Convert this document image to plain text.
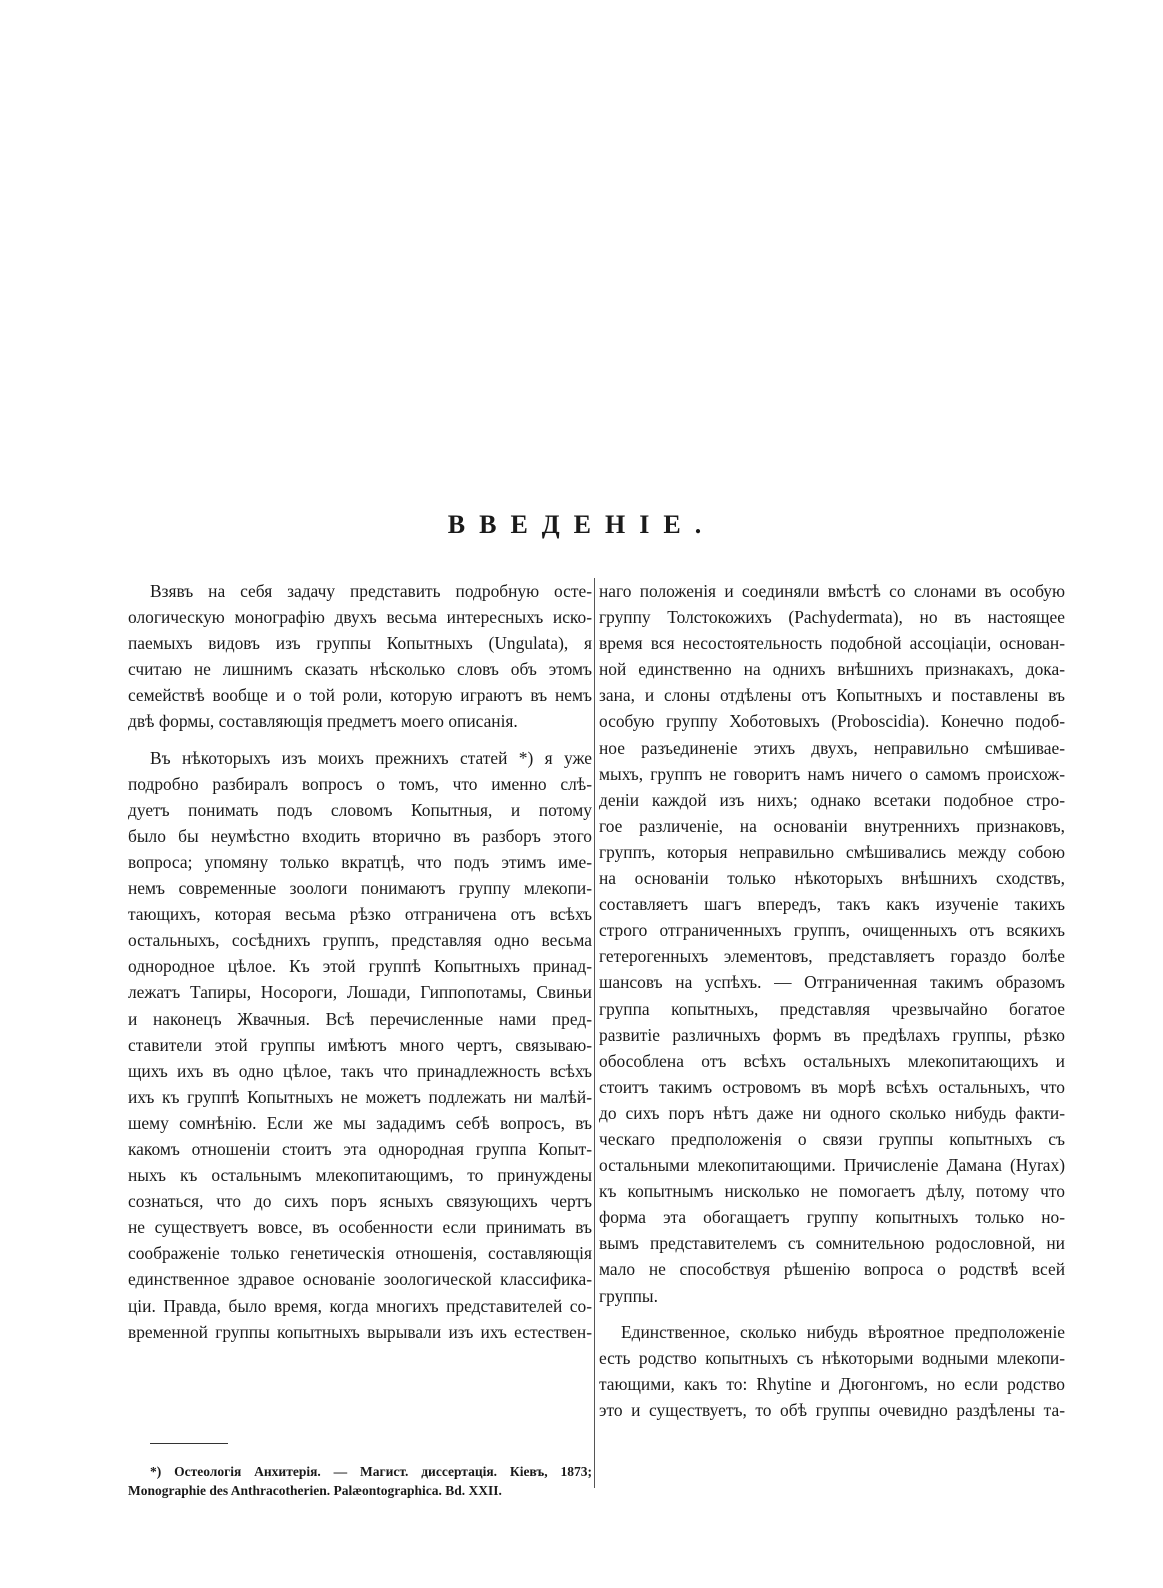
ВВЕДЕНІЕ.

Взявъ на себя задачу представить подробную осте-
ологическую монографію двухъ весьма интересныхъ иско-
паемыхъ видовъ изъ группы Копытныхъ (Ungulata), я
считаю не лишнимъ сказать нѣсколько словъ объ этомъ
семействѣ вообще и о той роли, которую играютъ въ немъ
двѣ формы, составляющія предметъ моего описанія.

Въ нѣкоторыхъ изъ моихъ прежнихъ статей *) я уже
подробно разбиралъ вопросъ о томъ, что именно слѣ-
дуетъ понимать подъ словомъ Копытныя, и потому
было бы неумѣстно входить вторично въ разборъ этого
вопроса; упомяну только вкратцѣ, что подъ этимъ име-
немъ современные зоологи понимаютъ группу млекопи-
тающихъ, которая весьма рѣзко отграничена отъ всѣхъ
остальныхъ, сосѣднихъ группъ, представляя одно весьма
однородное цѣлое. Къ этой группѣ Копытныхъ принад-
лежатъ Тапиры, Носороги, Лошади, Гиппопотамы, Свиньи
и наконецъ Жвачныя. Всѣ перечисленные нами пред-
ставители этой группы имѣютъ много чертъ, связываю-
щихъ ихъ въ одно цѣлое, такъ что принадлежность всѣхъ
ихъ къ группѣ Копытныхъ не можетъ подлежать ни малѣй-
шему сомнѣнію. Если же мы зададимъ себѣ вопросъ, въ
какомъ отношеніи стоитъ эта однородная группа Копыт-
ныхъ къ остальнымъ млекопитающимъ, то принуждены
сознаться, что до сихъ поръ ясныхъ связующихъ чертъ
не существуетъ вовсе, въ особенности если принимать въ
соображеніе только генетическія отношенія, составляющія
единственное здравое основаніе зоологической классифика-
ціи. Правда, было время, когда многихъ представителей со-
временной группы копытныхъ вырывали изъ ихъ естествен-

наго положенія и соединяли вмѣстѣ со слонами въ особую
группу Толстокожихъ (Pachydermata), но въ настоящее
время вся несостоятельность подобной ассоціаціи, основан-
ной единственно на однихъ внѣшнихъ признакахъ, дока-
зана, и слоны отдѣлены отъ Копытныхъ и поставлены въ
особую группу Хоботовыхъ (Proboscidia). Конечно подоб-
ное разъединеніе этихъ двухъ, неправильно смѣшивае-
мыхъ, группъ не говоритъ намъ ничего о самомъ происхож-
деніи каждой изъ нихъ; однако всетаки подобное стро-
гое различеніе, на основаніи внутреннихъ признаковъ,
группъ, которыя неправильно смѣшивались между собою
на основаніи только нѣкоторыхъ внѣшнихъ сходствъ,
составляетъ шагъ впередъ, такъ какъ изученіе такихъ
строго отграниченныхъ группъ, очищенныхъ отъ всякихъ
гетерогенныхъ элементовъ, представляетъ гораздо болѣе
шансовъ на успѣхъ. — Отграниченная такимъ образомъ
группа копытныхъ, представляя чрезвычайно богатое
развитіе различныхъ формъ въ предѣлахъ группы, рѣзко
обособлена отъ всѣхъ остальныхъ млекопитающихъ и
стоитъ такимъ островомъ въ морѣ всѣхъ остальныхъ, что
до сихъ поръ нѣтъ даже ни одного сколько нибудь факти-
ческаго предположенія о связи группы копытныхъ съ
остальными млекопитающими. Причисленіе Дамана (Hyrax)
къ копытнымъ нисколько не помогаетъ дѣлу, потому что
форма эта обогащаетъ группу копытныхъ только но-
вымъ представителемъ съ сомнительною родословной, ни
мало не способствуя рѣшенію вопроса о родствѣ всей
группы.

Единственное, сколько нибудь вѣроятное предположеніе
есть родство копытныхъ съ нѣкоторыми водными млекопи-
тающими, какъ то: Rhytine и Дюгонгомъ, но если родство
это и существуетъ, то обѣ группы очевидно раздѣлены та-

*) Остеологія Анхитерія. — Магист. диссертація. Кіевъ, 1873;
Monographie des Anthracotherien. Palæontographica. Bd. XXII.
